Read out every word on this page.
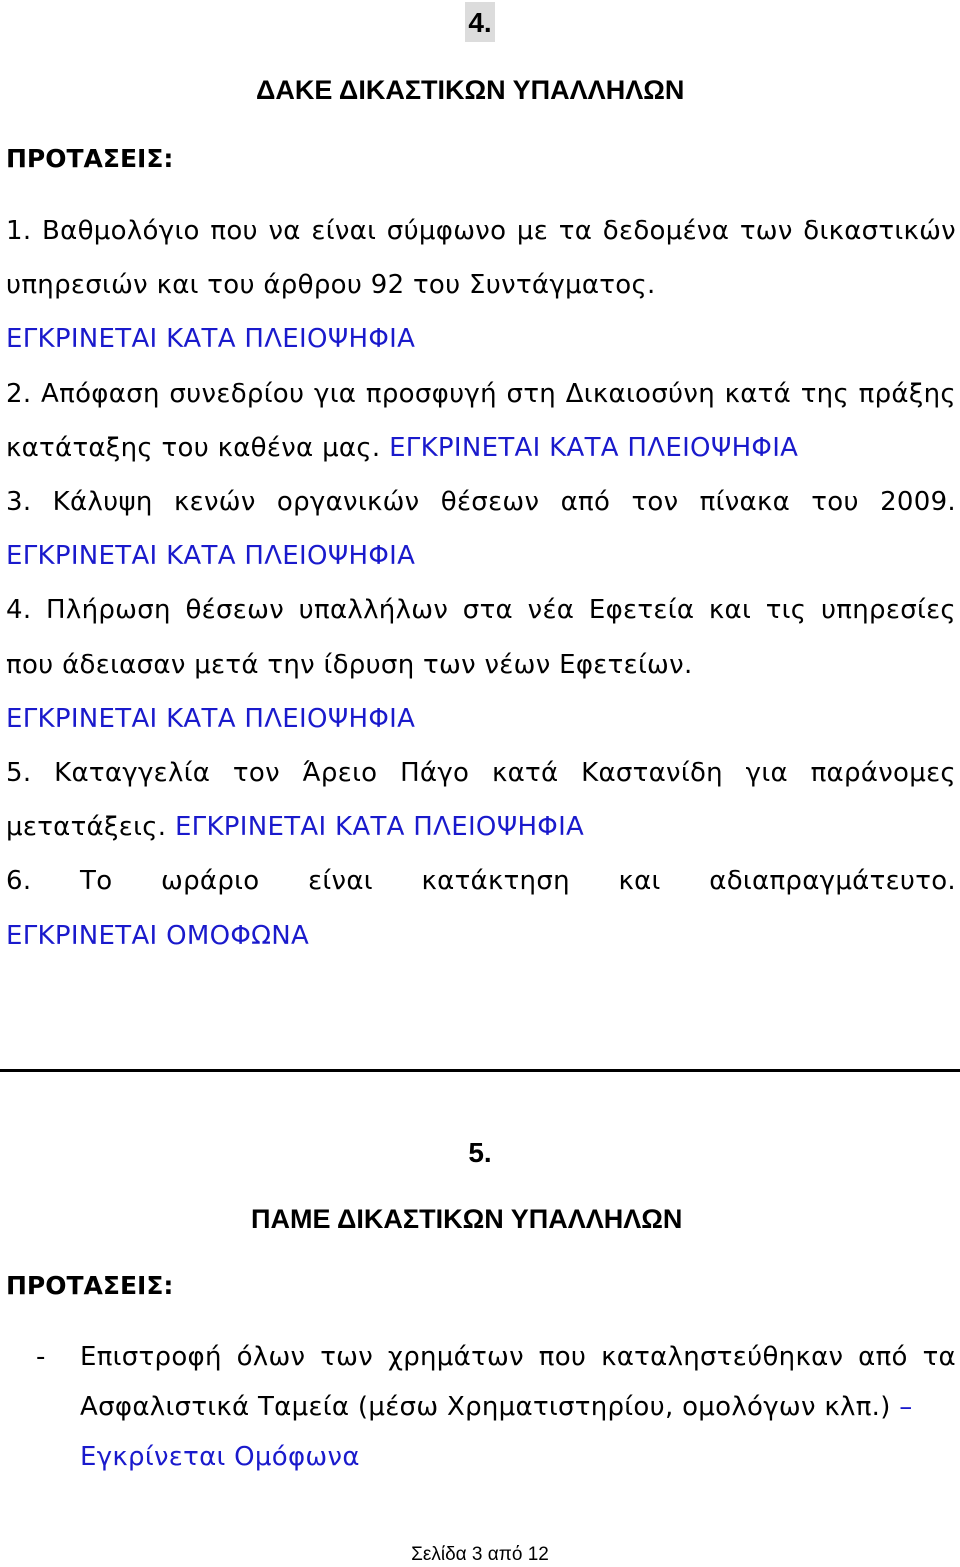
4.
ΔΑΚΕ ΔΙΚΑΣΤΙΚΩΝ ΥΠΑΛΛΗΛΩΝ
ΠΡΟΤΑΣΕΙΣ:
1. Βαθμολόγιο που να είναι σύμφωνο με τα δεδομένα των δικαστικών υπηρεσιών και του άρθρου 92 του Συντάγματος.
ΕΓΚΡΙΝΕΤΑΙ ΚΑΤΑ ΠΛΕΙΟΨΗΦΙΑ
2. Απόφαση συνεδρίου για προσφυγή στη Δικαιοσύνη κατά της πράξης κατάταξης του καθένα μας. ΕΓΚΡΙΝΕΤΑΙ ΚΑΤΑ ΠΛΕΙΟΨΗΦΙΑ
3. Κάλυψη κενών οργανικών θέσεων από τον πίνακα του 2009. ΕΓΚΡΙΝΕΤΑΙ ΚΑΤΑ ΠΛΕΙΟΨΗΦΙΑ
4. Πλήρωση θέσεων υπαλλήλων στα νέα Εφετεία και τις υπηρεσίες που άδειασαν μετά την ίδρυση των νέων Εφετείων.
ΕΓΚΡΙΝΕΤΑΙ ΚΑΤΑ ΠΛΕΙΟΨΗΦΙΑ
5. Καταγγελία τον Άρειο Πάγο κατά Καστανίδη για παράνομες μετατάξεις. ΕΓΚΡΙΝΕΤΑΙ ΚΑΤΑ ΠΛΕΙΟΨΗΦΙΑ
6. Το ωράριο είναι κατάκτηση και αδιαπραγμάτευτο.
ΕΓΚΡΙΝΕΤΑΙ ΟΜΟΦΩΝΑ
5.
ΠΑΜΕ ΔΙΚΑΣΤΙΚΩΝ ΥΠΑΛΛΗΛΩΝ
ΠΡΟΤΑΣΕΙΣ:
- Επιστροφή όλων των χρημάτων που καταληστεύθηκαν από τα Ασφαλιστικά Ταμεία (μέσω Χρηματιστηρίου, ομολόγων κλπ.) –
Εγκρίνεται Ομόφωνα
Σελίδα 3 από 12
